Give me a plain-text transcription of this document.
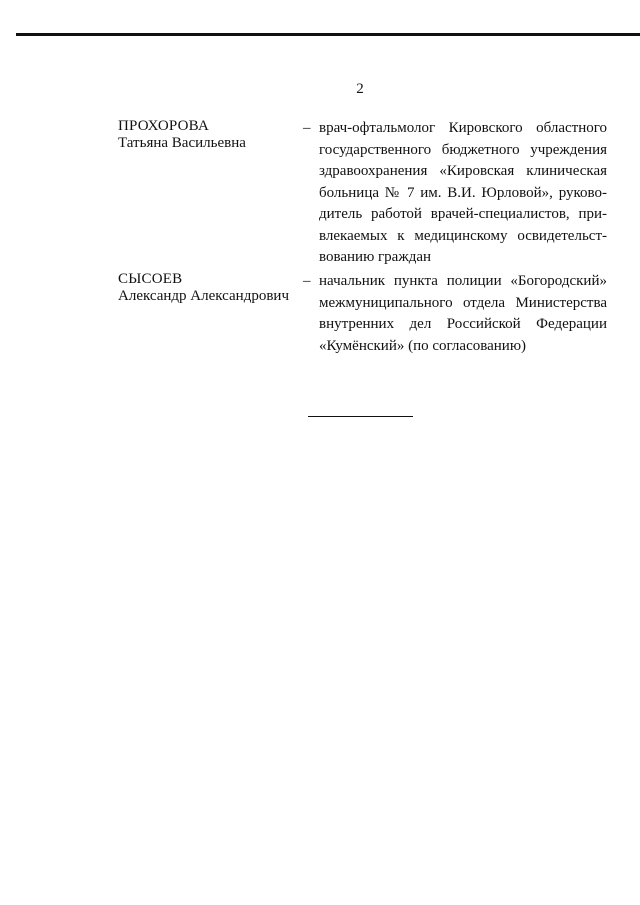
2
ПРОХОРОВА
Татьяна Васильевна
– врач-офтальмолог Кировского областного
государственного бюджетного учреждения
здравоохранения «Кировская клиническая
больница № 7 им. В.И. Юрловой», руково-
дитель работой врачей-специалистов, при-
влекаемых к медицинскому освидетельст-
вованию граждан
СЫСОЕВ
Александр Александрович
– начальник пункта полиции «Богородский»
межмуниципального отдела Министерства
внутренних дел Российской Федерации
«Кумёнский» (по согласованию)
